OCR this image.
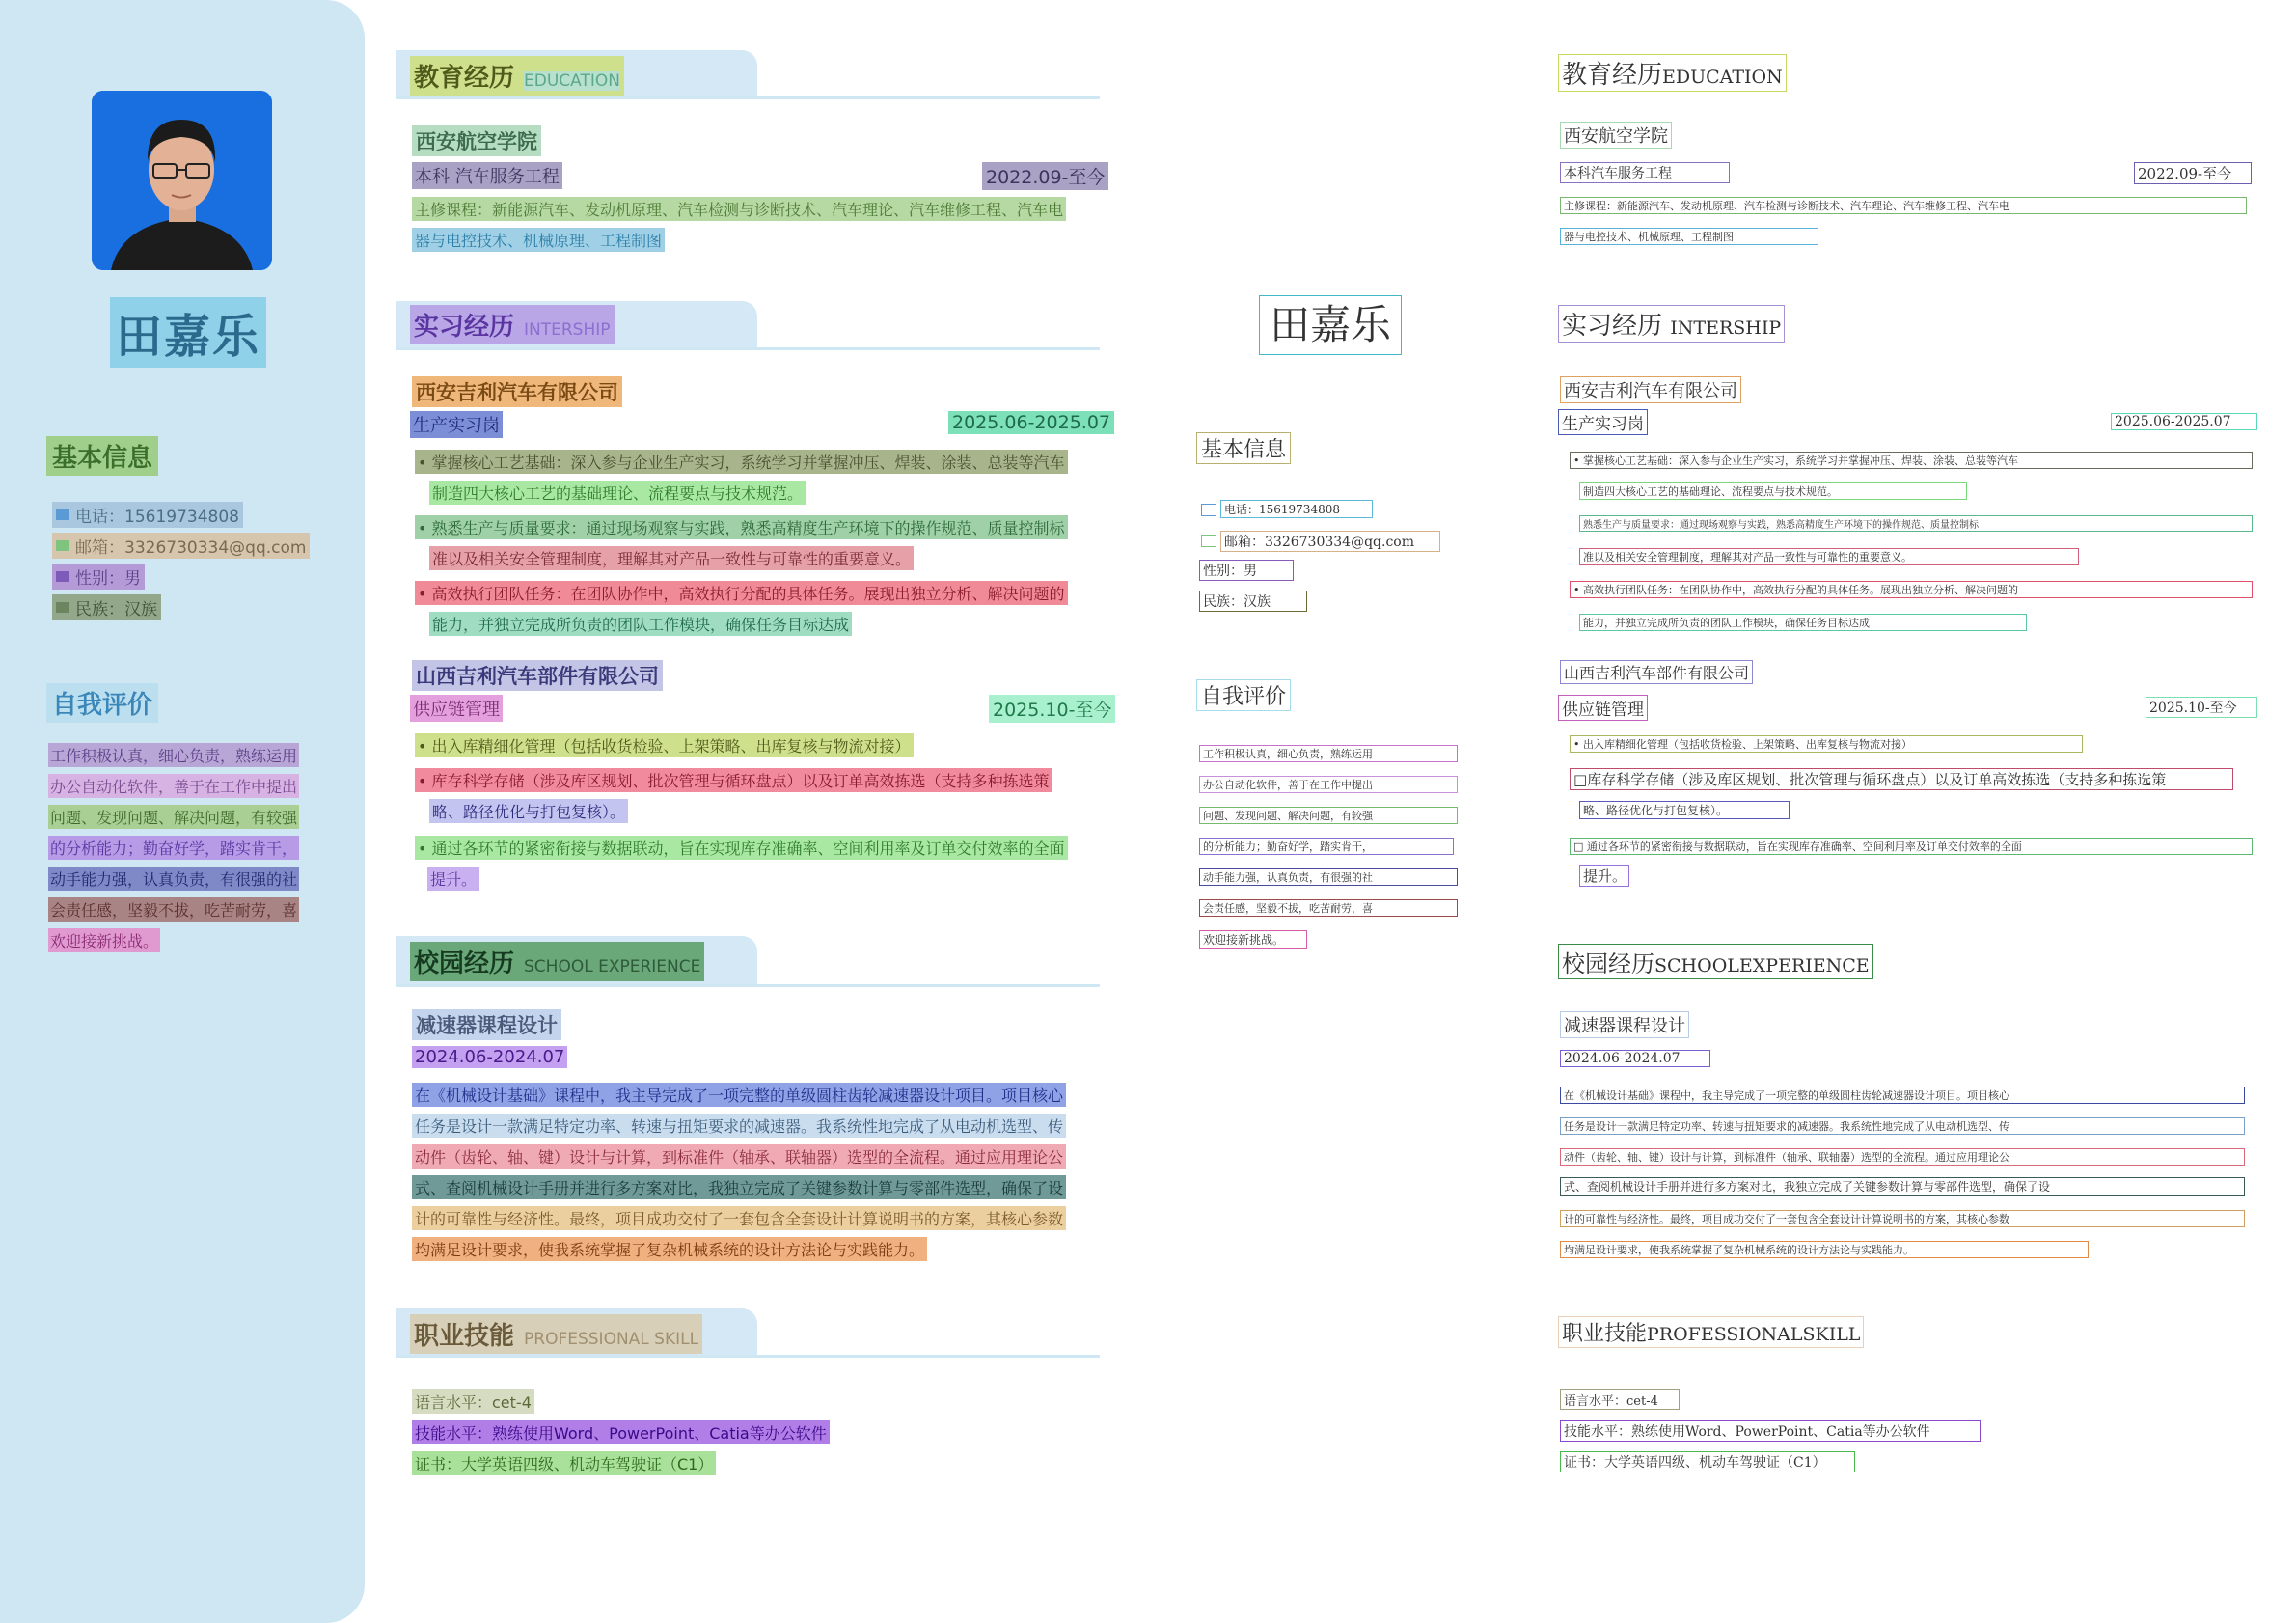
田嘉乐
基本信息
电话：15619734808
邮箱：3326730334@qq.com
性别：男
民族：汉族
自我评价
工作积极认真，细心负责，熟练运用
办公自动化软件，善于在工作中提出
问题、发现问题、解决问题，有较强
的分析能力；勤奋好学，踏实肯干，
动手能力强，认真负责，有很强的社
会责任感，坚毅不拔，吃苦耐劳，喜
欢迎接新挑战。
教育经历 EDUCATION
西安航空学院
本科 汽车服务工程	2022.09-至今
主修课程：新能源汽车、发动机原理、汽车检测与诊断技术、汽车理论、汽车维修工程、汽车电
器与电控技术、机械原理、工程制图
实习经历 INTERSHIP
西安吉利汽车有限公司
生产实习岗	2025.06-2025.07
• 掌握核心工艺基础：深入参与企业生产实习，系统学习并掌握冲压、焊装、涂装、总装等汽车
制造四大核心工艺的基础理论、流程要点与技术规范。
• 熟悉生产与质量要求：通过现场观察与实践，熟悉高精度生产环境下的操作规范、质量控制标
准以及相关安全管理制度，理解其对产品一致性与可靠性的重要意义。
• 高效执行团队任务：在团队协作中，高效执行分配的具体任务。展现出独立分析、解决问题的
能力，并独立完成所负责的团队工作模块，确保任务目标达成
山西吉利汽车部件有限公司
供应链管理	2025.10-至今
• 出入库精细化管理（包括收货检验、上架策略、出库复核与物流对接）
• 库存科学存储（涉及库区规划、批次管理与循环盘点）以及订单高效拣选（支持多种拣选策
略、路径优化与打包复核）。
• 通过各环节的紧密衔接与数据联动，旨在实现库存准确率、空间利用率及订单交付效率的全面
提升。
校园经历 SCHOOL EXPERIENCE
减速器课程设计
2024.06-2024.07
在《机械设计基础》课程中，我主导完成了一项完整的单级圆柱齿轮减速器设计项目。项目核心
任务是设计一款满足特定功率、转速与扭矩要求的减速器。我系统性地完成了从电动机选型、传
动件（齿轮、轴、键）设计与计算，到标准件（轴承、联轴器）选型的全流程。通过应用理论公
式、查阅机械设计手册并进行多方案对比，我独立完成了关键参数计算与零部件选型，确保了设
计的可靠性与经济性。最终，项目成功交付了一套包含全套设计计算说明书的方案，其核心参数
均满足设计要求，使我系统掌握了复杂机械系统的设计方法论与实践能力。
职业技能 PROFESSIONAL SKILL
语言水平：cet-4
技能水平：熟练使用Word、PowerPoint、Catia等办公软件
证书：大学英语四级、机动车驾驶证（C1）
田嘉乐
基本信息
电话：15619734808
邮箱：3326730334@qq.com
性别：男
民族：汉族
自我评价
工作积极认真，细心负责，熟练运用
办公自动化软件，善于在工作中提出
问题、发现问题、解决问题，有较强
的分析能力；勤奋好学，踏实肯干，
动手能力强，认真负责，有很强的社
会责任感，坚毅不拔，吃苦耐劳，喜
欢迎接新挑战。
教育经历EDUCATION
西安航空学院
本科汽车服务工程	2022.09-至今
主修课程：新能源汽车、发动机原理、汽车检测与诊断技术、汽车理论、汽车维修工程、汽车电
器与电控技术、机械原理、工程制图
实习经历 INTERSHIP
西安吉利汽车有限公司
生产实习岗	2025.06-2025.07
• 掌握核心工艺基础：深入参与企业生产实习，系统学习并掌握冲压、焊装、涂装、总装等汽车
制造四大核心工艺的基础理论、流程要点与技术规范。
熟悉生产与质量要求：通过现场观察与实践，熟悉高精度生产环境下的操作规范、质量控制标
准以及相关安全管理制度，理解其对产品一致性与可靠性的重要意义。
• 高效执行团队任务：在团队协作中，高效执行分配的具体任务。展现出独立分析、解决问题的
能力，并独立完成所负责的团队工作模块，确保任务目标达成
山西吉利汽车部件有限公司
供应链管理	2025.10-至今
• 出入库精细化管理（包括收货检验、上架策略、出库复核与物流对接）
□库存科学存储（涉及库区规划、批次管理与循环盘点）以及订单高效拣选（支持多种拣选策
略、路径优化与打包复核）。
□ 通过各环节的紧密衔接与数据联动，旨在实现库存准确率、空间利用率及订单交付效率的全面
提升。
校园经历SCHOOLEXPERIENCE
减速器课程设计
2024.06-2024.07
在《机械设计基础》课程中，我主导完成了一项完整的单级圆柱齿轮减速器设计项目。项目核心
任务是设计一款满足特定功率、转速与扭矩要求的减速器。我系统性地完成了从电动机选型、传
动件（齿轮、轴、键）设计与计算，到标准件（轴承、联轴器）选型的全流程。通过应用理论公
式、查阅机械设计手册并进行多方案对比，我独立完成了关键参数计算与零部件选型，确保了设
计的可靠性与经济性。最终，项目成功交付了一套包含全套设计计算说明书的方案，其核心参数
均满足设计要求，使我系统掌握了复杂机械系统的设计方法论与实践能力。
职业技能PROFESSIONALSKILL
语言水平：cet-4
技能水平：熟练使用Word、PowerPoint、Catia等办公软件
证书：大学英语四级、机动车驾驶证（C1）
